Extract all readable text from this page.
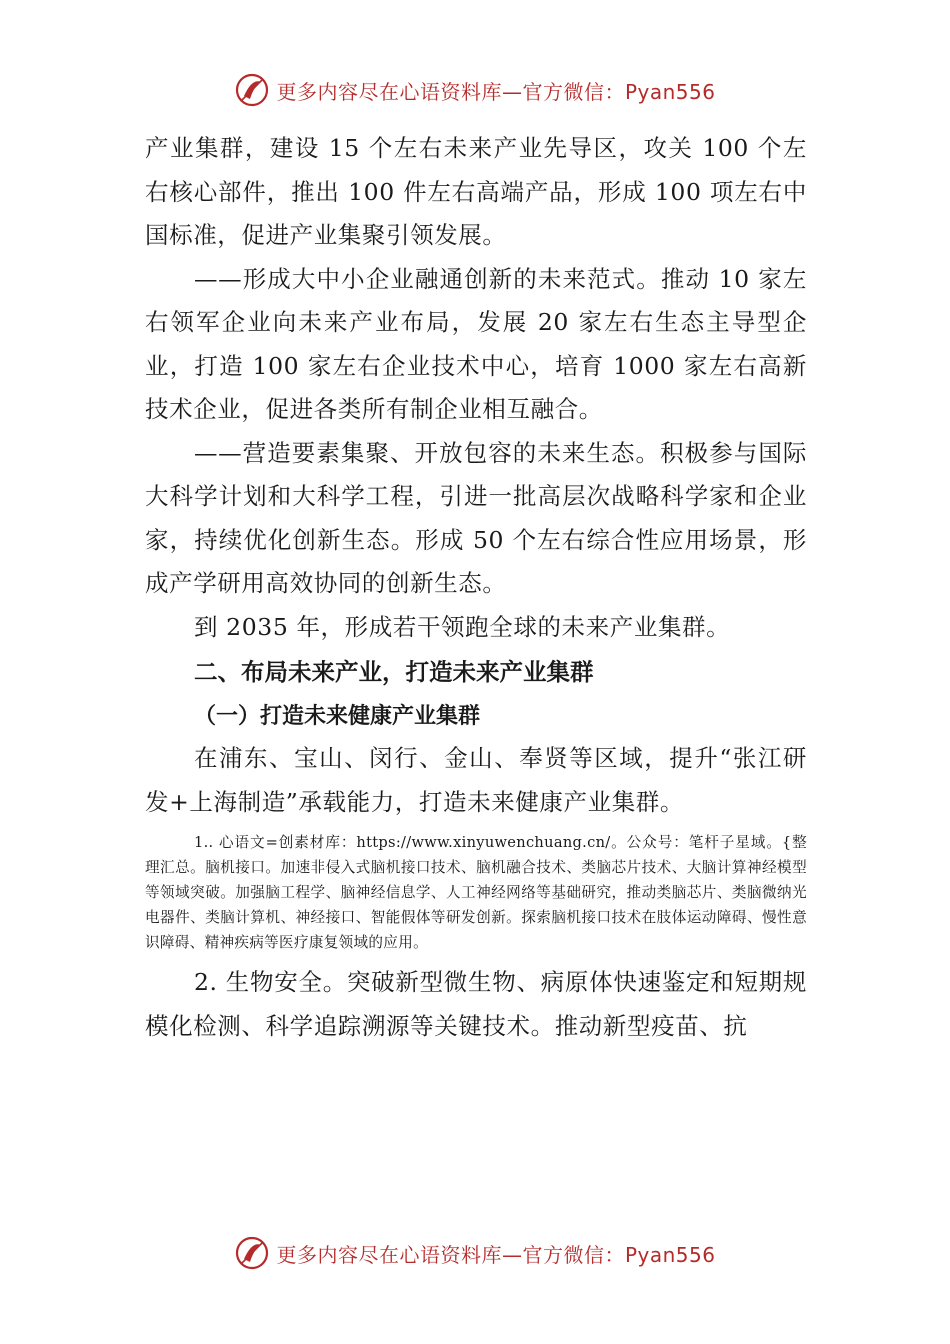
更多内容尽在心语资料库—官方微信：Pyan556

产业集群，建设 15 个左右未来产业先导区，攻关 100 个左右核心部件，推出 100 件左右高端产品，形成 100 项左右中国标准，促进产业集聚引领发展。

——形成大中小企业融通创新的未来范式。推动 10 家左右领军企业向未来产业布局，发展 20 家左右生态主导型企业，打造 100 家左右企业技术中心，培育 1000 家左右高新技术企业，促进各类所有制企业相互融合。

——营造要素集聚、开放包容的未来生态。积极参与国际大科学计划和大科学工程，引进一批高层次战略科学家和企业家，持续优化创新生态。形成 50 个左右综合性应用场景，形成产学研用高效协同的创新生态。

到 2035 年，形成若干领跑全球的未来产业集群。

二、布局未来产业，打造未来产业集群

（一）打造未来健康产业集群

在浦东、宝山、闵行、金山、奉贤等区域，提升“张江研发+上海制造”承载能力，打造未来健康产业集群。

1.. 心语文=创素材库：https://www.xinyuwenchuang.cn/。公众号：笔杆子星域。{整理汇总。脑机接口。加速非侵入式脑机接口技术、脑机融合技术、类脑芯片技术、大脑计算神经模型等领域突破。加强脑工程学、脑神经信息学、人工神经网络等基础研究，推动类脑芯片、类脑微纳光电器件、类脑计算机、神经接口、智能假体等研发创新。探索脑机接口技术在肢体运动障碍、慢性意识障碍、精神疾病等医疗康复领域的应用。

2. 生物安全。突破新型微生物、病原体快速鉴定和短期规模化检测、科学追踪溯源等关键技术。推动新型疫苗、抗

更多内容尽在心语资料库—官方微信：Pyan556
